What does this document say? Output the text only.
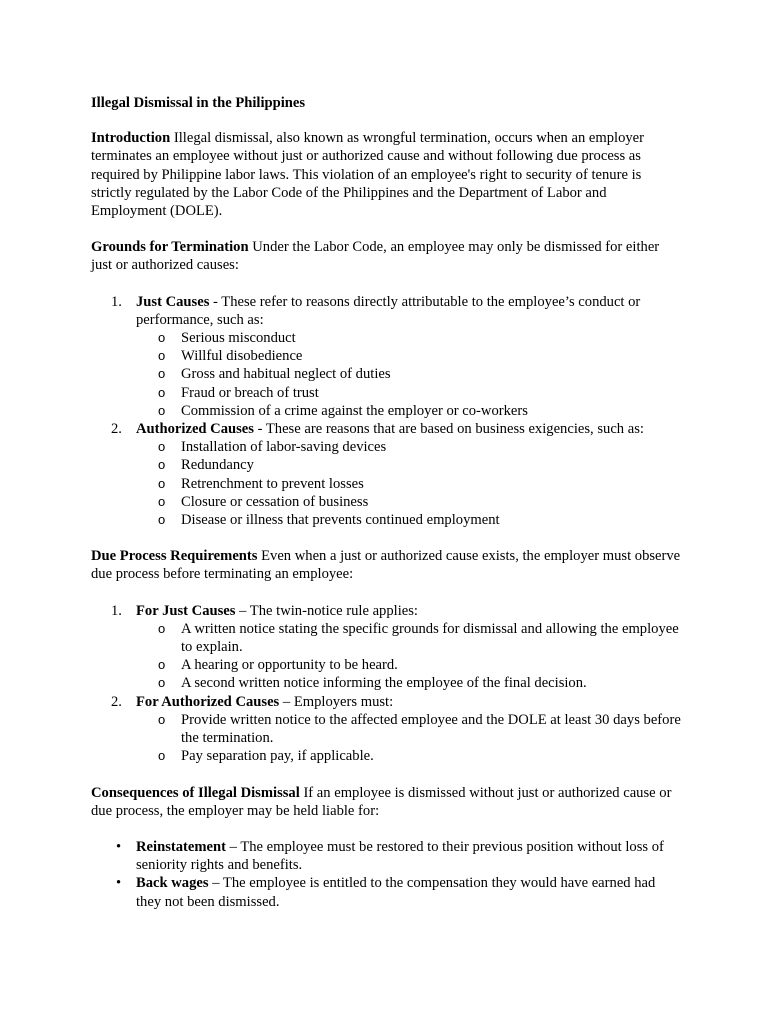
Illegal Dismissal in the Philippines

Introduction Illegal dismissal, also known as wrongful termination, occurs when an employer terminates an employee without just or authorized cause and without following due process as required by Philippine labor laws. This violation of an employee's right to security of tenure is strictly regulated by the Labor Code of the Philippines and the Department of Labor and Employment (DOLE).

Grounds for Termination Under the Labor Code, an employee may only be dismissed for either just or authorized causes:

1. Just Causes - These refer to reasons directly attributable to the employee’s conduct or performance, such as:
o Serious misconduct
o Willful disobedience
o Gross and habitual neglect of duties
o Fraud or breach of trust
o Commission of a crime against the employer or co-workers
2. Authorized Causes - These are reasons that are based on business exigencies, such as:
o Installation of labor-saving devices
o Redundancy
o Retrenchment to prevent losses
o Closure or cessation of business
o Disease or illness that prevents continued employment

Due Process Requirements Even when a just or authorized cause exists, the employer must observe due process before terminating an employee:

1. For Just Causes – The twin-notice rule applies:
o A written notice stating the specific grounds for dismissal and allowing the employee to explain.
o A hearing or opportunity to be heard.
o A second written notice informing the employee of the final decision.
2. For Authorized Causes – Employers must:
o Provide written notice to the affected employee and the DOLE at least 30 days before the termination.
o Pay separation pay, if applicable.

Consequences of Illegal Dismissal If an employee is dismissed without just or authorized cause or due process, the employer may be held liable for:

• Reinstatement – The employee must be restored to their previous position without loss of seniority rights and benefits.
• Back wages – The employee is entitled to the compensation they would have earned had they not been dismissed.
